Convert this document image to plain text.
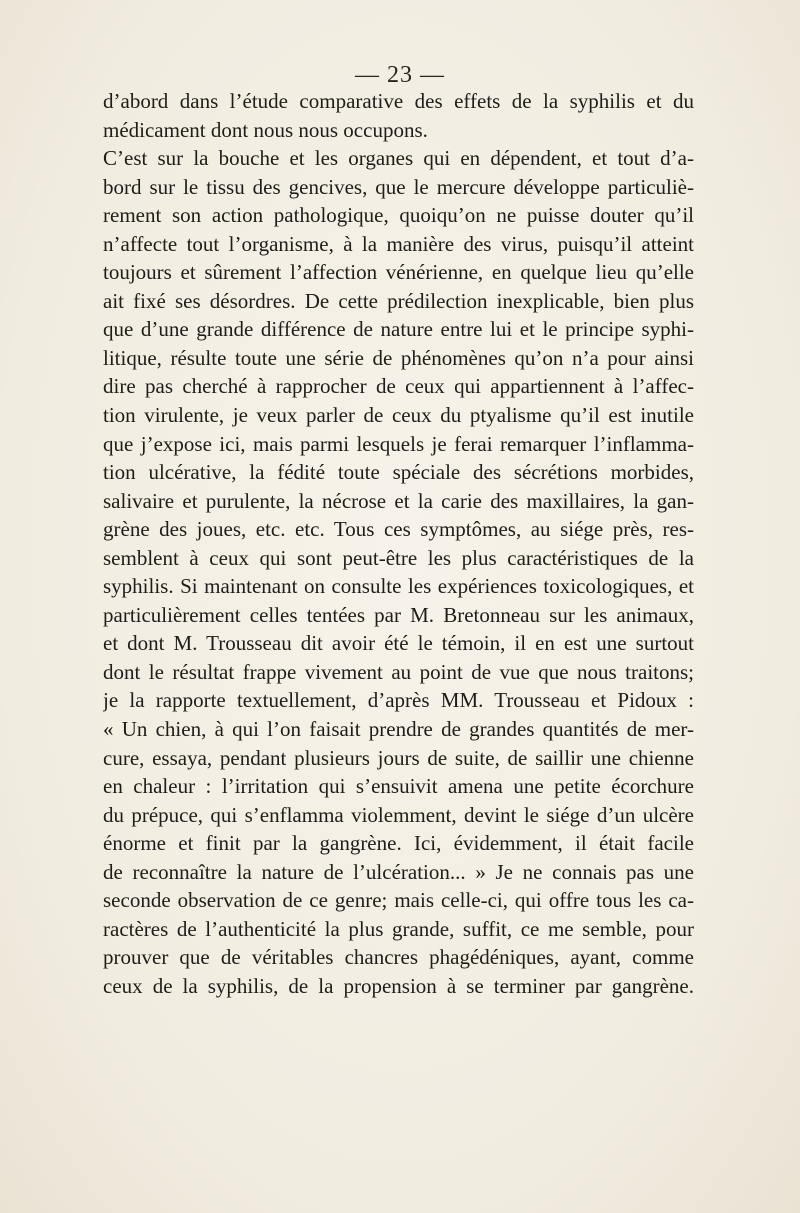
— 23 —
d’abord dans l’étude comparative des effets de la syphilis et du
médicament dont nous nous occupons.
C’est sur la bouche et les organes qui en dépendent, et tout d’a-
bord sur le tissu des gencives, que le mercure développe particuliè-
rement son action pathologique, quoiqu’on ne puisse douter qu’il
n’affecte tout l’organisme, à la manière des virus, puisqu’il atteint
toujours et sûrement l’affection vénérienne, en quelque lieu qu’elle
ait fixé ses désordres. De cette prédilection inexplicable, bien plus
que d’une grande différence de nature entre lui et le principe syphi-
litique, résulte toute une série de phénomènes qu’on n’a pour ainsi
dire pas cherché à rapprocher de ceux qui appartiennent à l’affec-
tion virulente, je veux parler de ceux du ptyalisme qu’il est inutile
que j’expose ici, mais parmi lesquels je ferai remarquer l’inflamma-
tion ulcérative, la fédité toute spéciale des sécrétions morbides,
salivaire et purulente, la nécrose et la carie des maxillaires, la gan-
grène des joues, etc. etc. Tous ces symptômes, au siége près, res-
semblent à ceux qui sont peut-être les plus caractéristiques de la
syphilis. Si maintenant on consulte les expériences toxicologiques, et
particulièrement celles tentées par M. Bretonneau sur les animaux,
et dont M. Trousseau dit avoir été le témoin, il en est une surtout
dont le résultat frappe vivement au point de vue que nous traitons;
je la rapporte textuellement, d’après MM. Trousseau et Pidoux :
« Un chien, à qui l’on faisait prendre de grandes quantités de mer-
cure, essaya, pendant plusieurs jours de suite, de saillir une chienne
en chaleur : l’irritation qui s’ensuivit amena une petite écorchure
du prépuce, qui s’enflamma violemment, devint le siége d’un ulcère
énorme et finit par la gangrène. Ici, évidemment, il était facile
de reconnaître la nature de l’ulcération... » Je ne connais pas une
seconde observation de ce genre; mais celle-ci, qui offre tous les ca-
ractères de l’authenticité la plus grande, suffit, ce me semble, pour
prouver que de véritables chancres phagédéniques, ayant, comme
ceux de la syphilis, de la propension à se terminer par gangrène.
